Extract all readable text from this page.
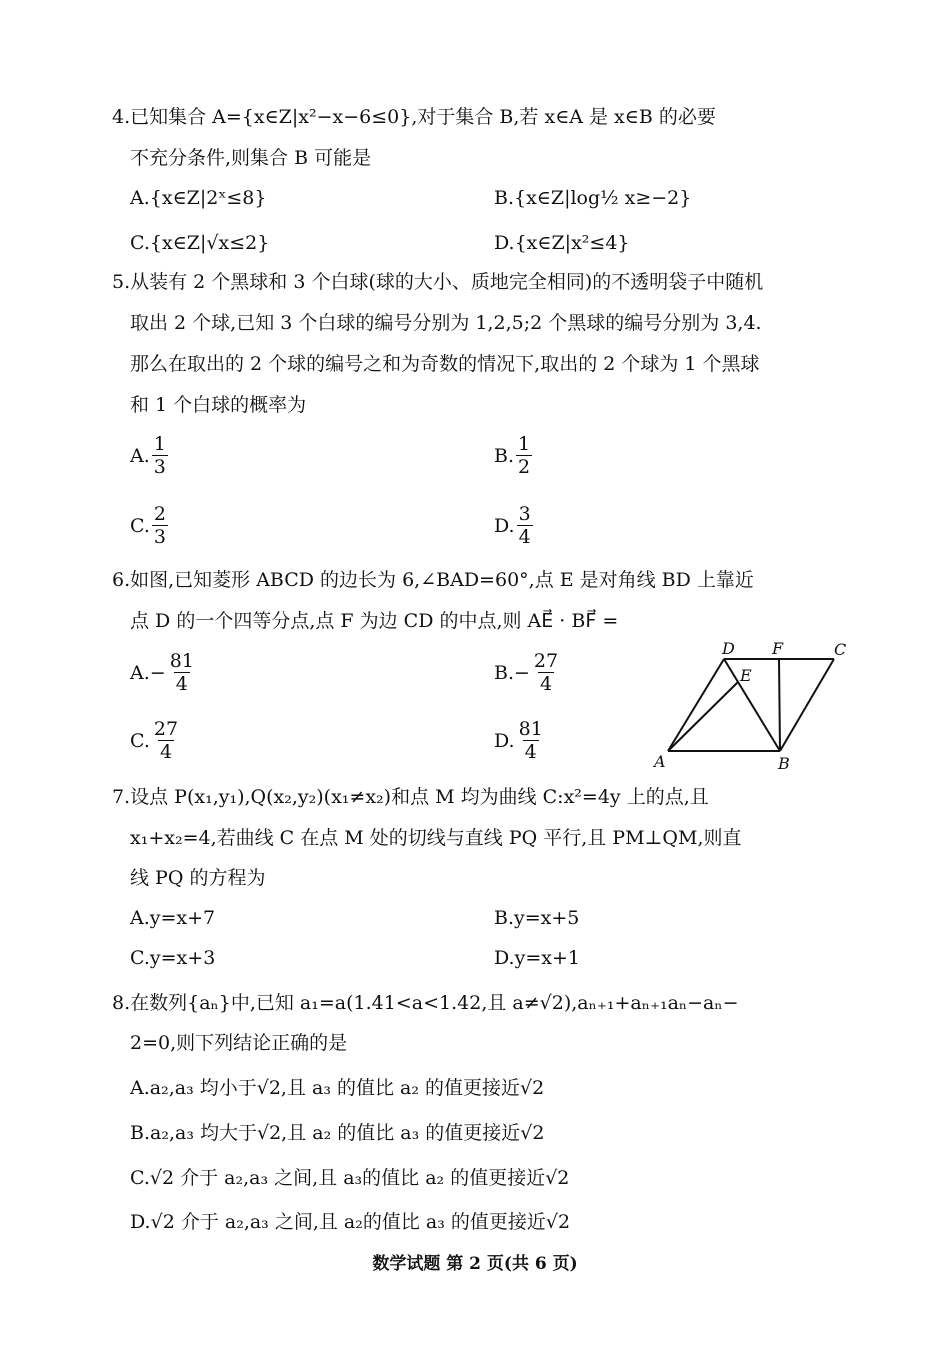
4.已知集合 A={x∈Z|x²−x−6≤0},对于集合 B,若 x∈A 是 x∈B 的必要
不充分条件,则集合 B 可能是
A.{x∈Z|2ˣ≤8}	B.{x∈Z|log½ x≥−2}
C.{x∈Z|√x≤2}	D.{x∈Z|x²≤4}
5.从装有 2 个黑球和 3 个白球(球的大小、质地完全相同)的不透明袋子中随机
取出 2 个球,已知 3 个白球的编号分别为 1,2,5;2 个黑球的编号分别为 3,4.
那么在取出的 2 个球的编号之和为奇数的情况下,取出的 2 个球为 1 个黑球
和 1 个白球的概率为
A. $\frac{1}{3}$	B. $\frac{1}{2}$
C. $\frac{2}{3}$	D. $\frac{3}{4}$
6.如图,已知菱形 ABCD 的边长为 6,∠BAD=60°,点 E 是对角线 BD 上靠近
点 D 的一个四等分点,点 F 为边 CD 的中点,则 AE⃗ · BF⃗ =
$A.- \frac{81}{4}$	$B.- \frac{27}{4}$
C. $\frac{27}{4}$	D. $\frac{81}{4}$	A	B
C
D
E
F
7.设点 P(x₁,y₁),Q(x₂,y₂)(x₁≠x₂)和点 M 均为曲线 C:x²=4y 上的点,且
x₁+x₂=4,若曲线 C 在点 M 处的切线与直线 PQ 平行,且 PM⊥QM,则直
线 PQ 的方程为
A.y=x+7	B.y=x+5
C.y=x+3	D.y=x+1
8.在数列{aₙ}中,已知 a₁=a(1.41<a<1.42,且 a≠√2),aₙ₊₁+aₙ₊₁aₙ−aₙ−
2=0,则下列结论正确的是
A.a₂,a₃ 均小于√2,且 a₃ 的值比 a₂ 的值更接近√2
B.a₂,a₃ 均大于√2,且 a₂ 的值比 a₃ 的值更接近√2
C.√2 介于 a₂,a₃ 之间,且 a₃的值比 a₂ 的值更接近√2
D.√2 介于 a₂,a₃ 之间,且 a₂的值比 a₃ 的值更接近√2
数学试题 第 2 页(共 6 页)
